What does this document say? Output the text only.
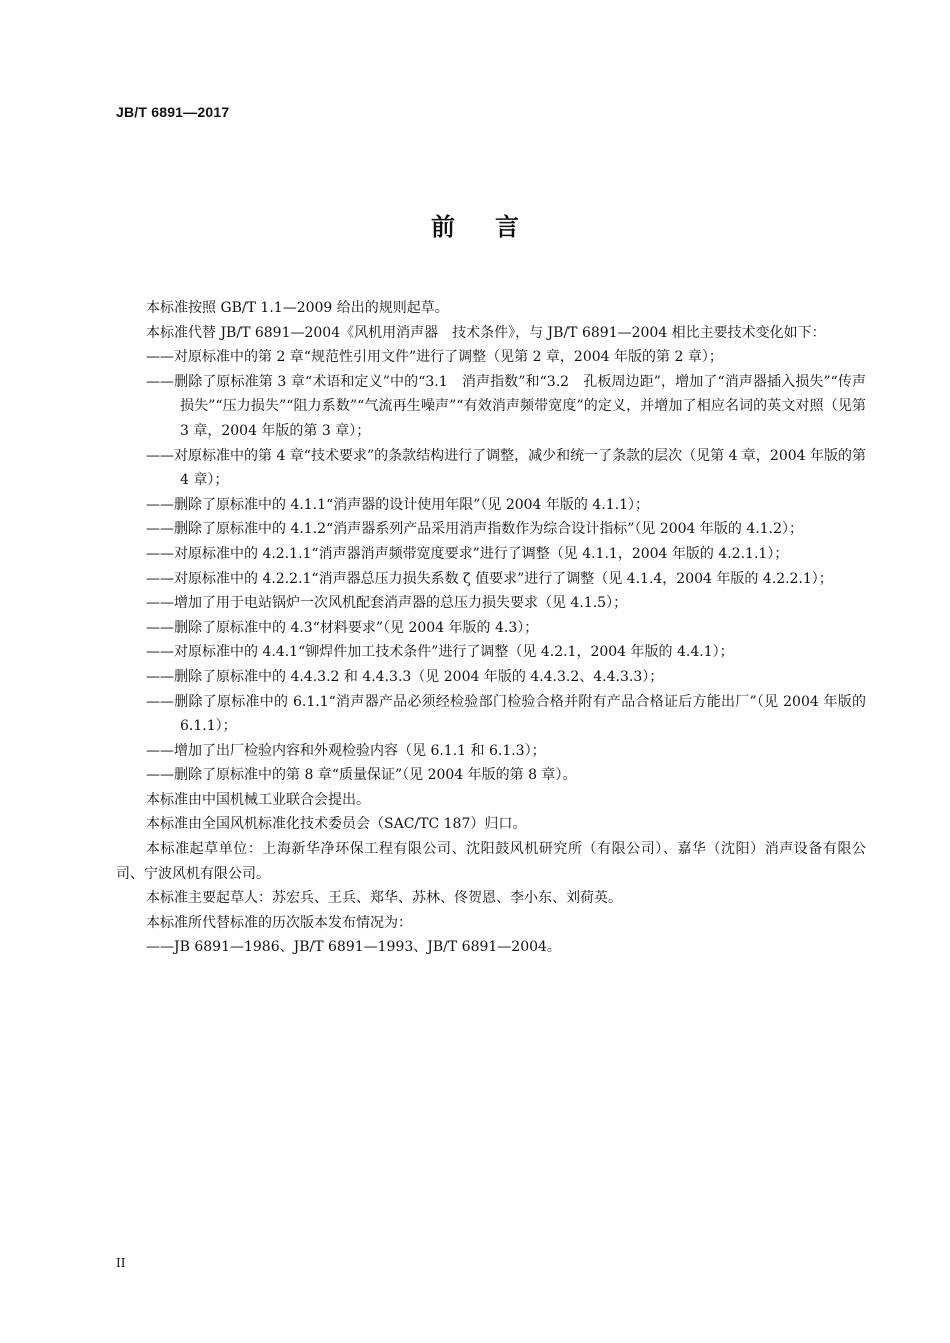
JB/T 6891—2017
前言

本标准按照 GB/T 1.1—2009 给出的规则起草。

本标准代替 JB/T 6891—2004《风机用消声器　技术条件》，与 JB/T 6891—2004 相比主要技术变化如下：

——对原标准中的第 2 章“规范性引用文件”进行了调整（见第 2 章，2004 年版的第 2 章）；

——删除了原标准第 3 章“术语和定义”中的“3.1　消声指数”和“3.2　孔板周边距”，增加了“消声器插入损失”“传声损失”“压力损失”“阻力系数”“气流再生噪声”“有效消声频带宽度”的定义，并增加了相应名词的英文对照（见第 3 章，2004 年版的第 3 章）；

——对原标准中的第 4 章“技术要求”的条款结构进行了调整，减少和统一了条款的层次（见第 4 章，2004 年版的第 4 章）；

——删除了原标准中的 4.1.1“消声器的设计使用年限”（见 2004 年版的 4.1.1）；

——删除了原标准中的 4.1.2“消声器系列产品采用消声指数作为综合设计指标”（见 2004 年版的 4.1.2）；

——对原标准中的 4.2.1.1“消声器消声频带宽度要求”进行了调整（见 4.1.1，2004 年版的 4.2.1.1）；

——对原标准中的 4.2.2.1“消声器总压力损失系数 ζ 值要求”进行了调整（见 4.1.4，2004 年版的 4.2.2.1）；

——增加了用于电站锅炉一次风机配套消声器的总压力损失要求（见 4.1.5）；

——删除了原标准中的 4.3“材料要求”（见 2004 年版的 4.3）；

——对原标准中的 4.4.1“铆焊件加工技术条件”进行了调整（见 4.2.1，2004 年版的 4.4.1）；

——删除了原标准中的 4.4.3.2 和 4.4.3.3（见 2004 年版的 4.4.3.2、4.4.3.3）；

——删除了原标准中的 6.1.1“消声器产品必须经检验部门检验合格并附有产品合格证后方能出厂”（见 2004 年版的 6.1.1）；

——增加了出厂检验内容和外观检验内容（见 6.1.1 和 6.1.3）；

——删除了原标准中的第 8 章“质量保证”（见 2004 年版的第 8 章）。

本标准由中国机械工业联合会提出。

本标准由全国风机标准化技术委员会（SAC/TC 187）归口。

本标准起草单位：上海新华净环保工程有限公司、沈阳鼓风机研究所（有限公司）、嘉华（沈阳）消声设备有限公司、宁波风机有限公司。

本标准主要起草人：苏宏兵、王兵、郑华、苏林、佟贺恩、李小东、刘荷英。

本标准所代替标准的历次版本发布情况为：

——JB 6891—1986、JB/T 6891—1993、JB/T 6891—2004。

II
